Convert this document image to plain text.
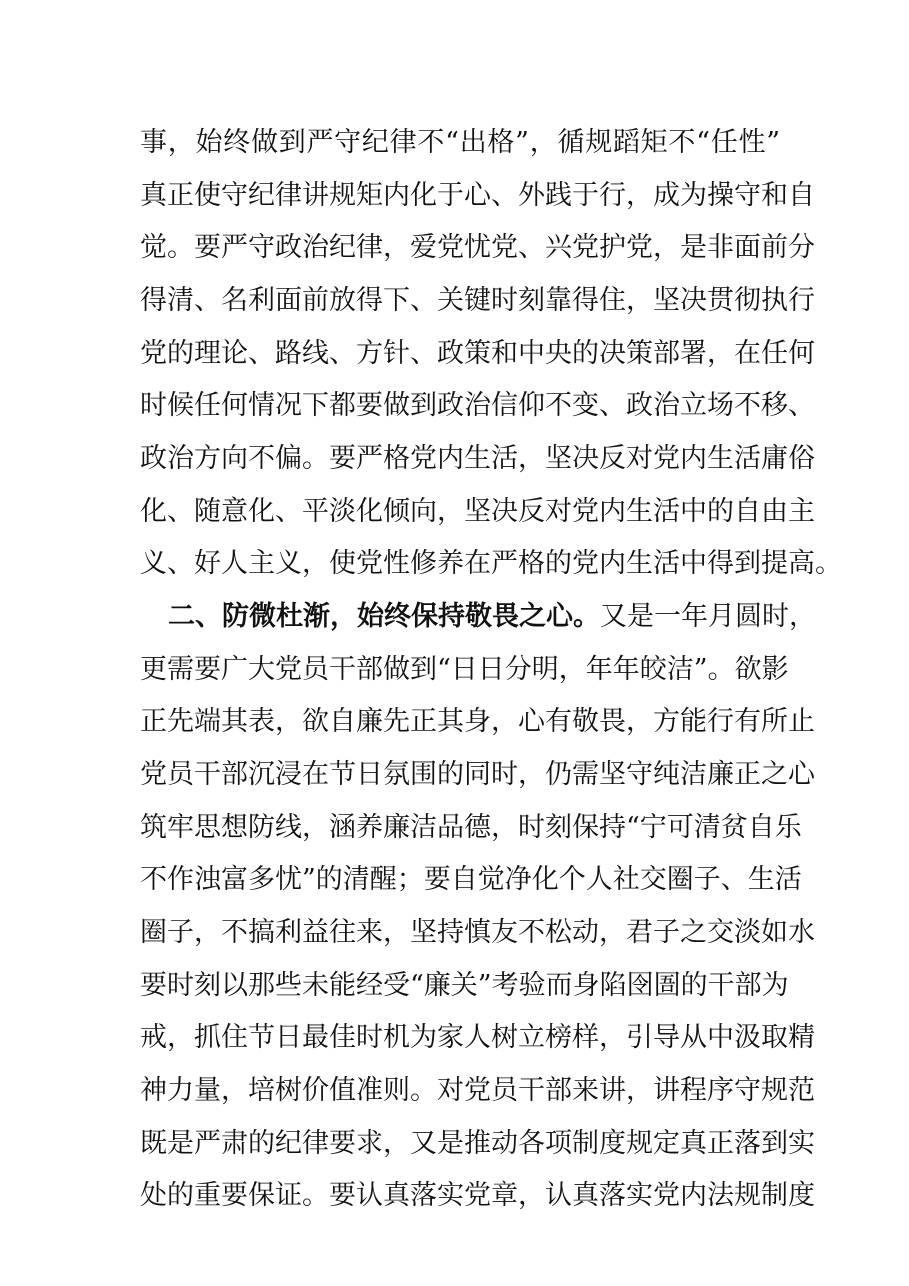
事，始终做到严守纪律不“出格”，循规蹈矩不“任性”
真正使守纪律讲规矩内化于心、外践于行，成为操守和自
觉。要严守政治纪律，爱党忧党、兴党护党，是非面前分
得清、名利面前放得下、关键时刻靠得住，坚决贯彻执行
党的理论、路线、方针、政策和中央的决策部署，在任何
时候任何情况下都要做到政治信仰不变、政治立场不移、
政治方向不偏。要严格党内生活，坚决反对党内生活庸俗
化、随意化、平淡化倾向，坚决反对党内生活中的自由主
义、好人主义，使党性修养在严格的党内生活中得到提高。
二、防微杜渐，始终保持敬畏之心。又是一年月圆时，
更需要广大党员干部做到“日日分明，年年皎洁”。欲影
正先端其表，欲自廉先正其身，心有敬畏，方能行有所止
党员干部沉浸在节日氛围的同时，仍需坚守纯洁廉正之心
筑牢思想防线，涵养廉洁品德，时刻保持“宁可清贫自乐
不作浊富多忧”的清醒；要自觉净化个人社交圈子、生活
圈子，不搞利益往来，坚持慎友不松动，君子之交淡如水
要时刻以那些未能经受“廉关”考验而身陷囹圄的干部为
戒，抓住节日最佳时机为家人树立榜样，引导从中汲取精
神力量，培树价值准则。对党员干部来讲，讲程序守规范
既是严肃的纪律要求，又是推动各项制度规定真正落到实
处的重要保证。要认真落实党章，认真落实党内法规制度
